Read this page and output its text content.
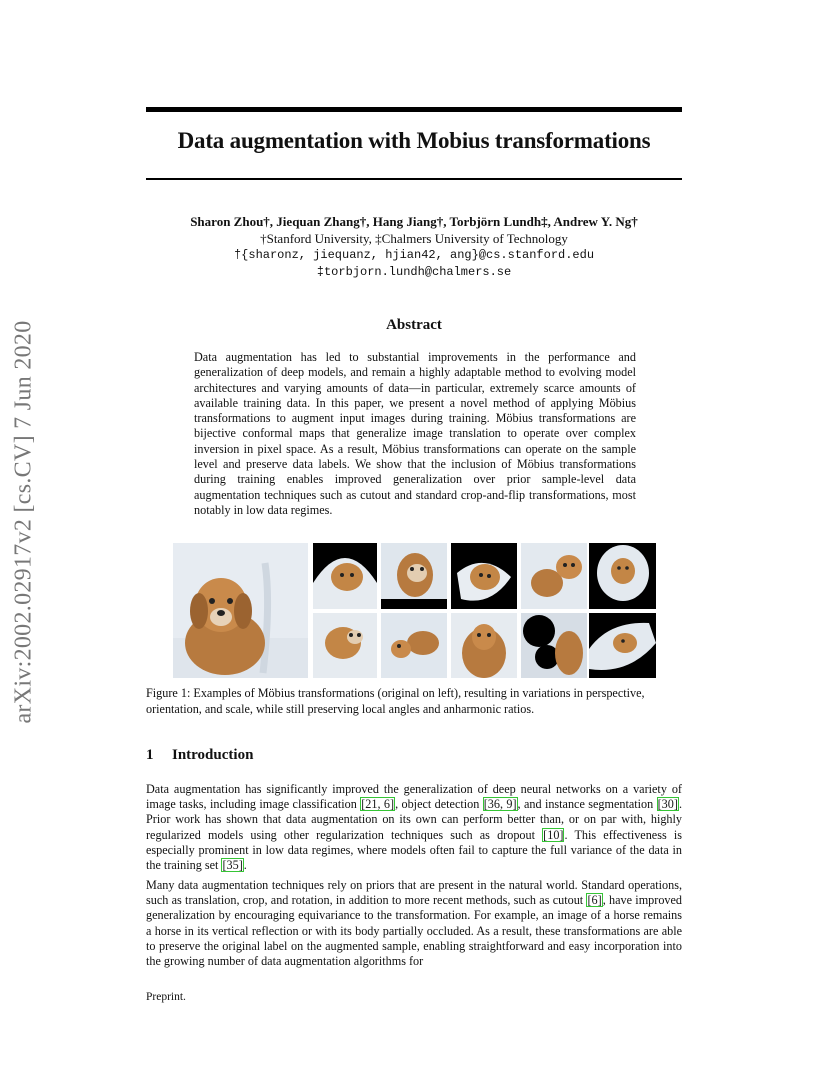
arXiv:2002.02917v2 [cs.CV] 7 Jun 2020
Data augmentation with Mobius transformations
Sharon Zhou†, Jiequan Zhang†, Hang Jiang†, Torbjörn Lundh‡, Andrew Y. Ng†
†Stanford University, ‡Chalmers University of Technology
†{sharonz, jiequanz, hjian42, ang}@cs.stanford.edu
‡torbjorn.lundh@chalmers.se
Abstract
Data augmentation has led to substantial improvements in the performance and generalization of deep models, and remain a highly adaptable method to evolving model architectures and varying amounts of data—in particular, extremely scarce amounts of available training data. In this paper, we present a novel method of applying Möbius transformations to augment input images during training. Möbius transformations are bijective conformal maps that generalize image translation to operate over complex inversion in pixel space. As a result, Möbius transformations can operate on the sample level and preserve data labels. We show that the inclusion of Möbius transformations during training enables improved generalization over prior sample-level data augmentation techniques such as cutout and standard crop-and-flip transformations, most notably in low data regimes.
Figure 1: Examples of Möbius transformations (original on left), resulting in variations in perspective, orientation, and scale, while still preserving local angles and anharmonic ratios.
1 Introduction
Data augmentation has significantly improved the generalization of deep neural networks on a variety of image tasks, including image classification [21, 6], object detection [36, 9], and instance segmentation [30]. Prior work has shown that data augmentation on its own can perform better than, or on par with, highly regularized models using other regularization techniques such as dropout [10]. This effectiveness is especially prominent in low data regimes, where models often fail to capture the full variance of the data in the training set [35].
Many data augmentation techniques rely on priors that are present in the natural world. Standard operations, such as translation, crop, and rotation, in addition to more recent methods, such as cutout [6], have improved generalization by encouraging equivariance to the transformation. For example, an image of a horse remains a horse in its vertical reflection or with its body partially occluded. As a result, these transformations are able to preserve the original label on the augmented sample, enabling straightforward and easy incorporation into the growing number of data augmentation algorithms for
Preprint.
